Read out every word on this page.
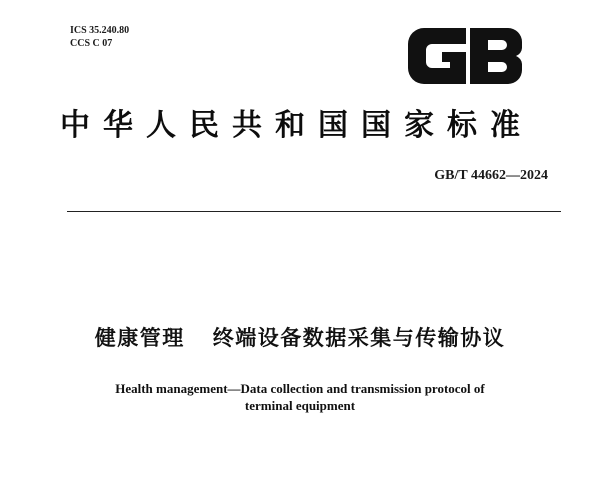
ICS 35.240.80
CCS C 07
中华人民共和国国家标准
GB/T 44662—2024
健康管理 终端设备数据采集与传输协议
Health management—Data collection and transmission protocol of
terminal equipment
